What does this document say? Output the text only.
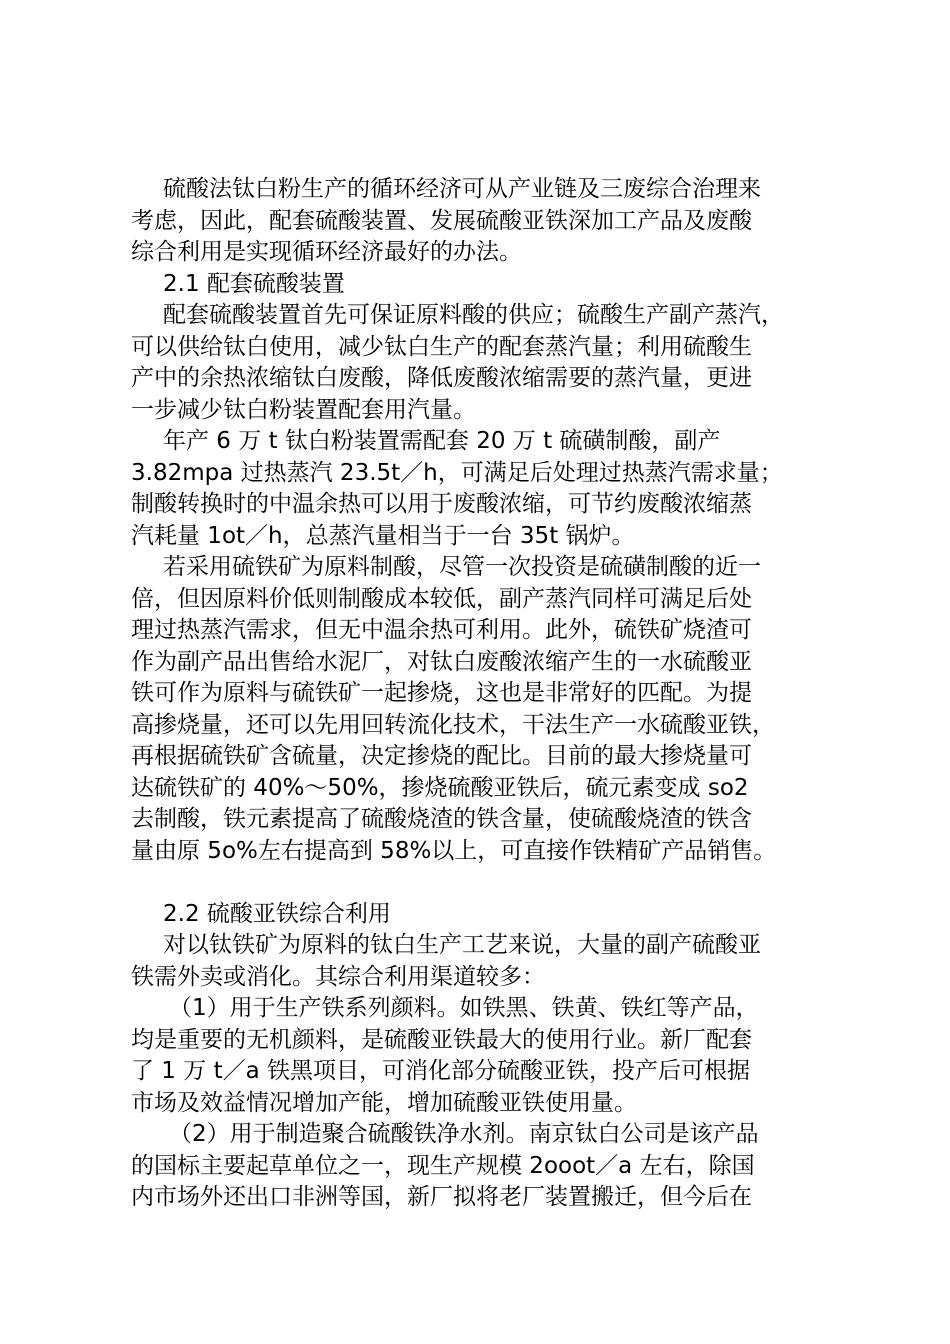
硫酸法钛白粉生产的循环经济可从产业链及三废综合治理来
考虑，因此，配套硫酸装置、发展硫酸亚铁深加工产品及废酸
综合利用是实现循环经济最好的办法。
2.1 配套硫酸装置
配套硫酸装置首先可保证原料酸的供应；硫酸生产副产蒸汽，
可以供给钛白使用，减少钛白生产的配套蒸汽量；利用硫酸生
产中的余热浓缩钛白废酸，降低废酸浓缩需要的蒸汽量，更进
一步减少钛白粉装置配套用汽量。
年产 6 万 t 钛白粉装置需配套 20 万 t 硫磺制酸，副产
3.82mpa 过热蒸汽 23.5t／h，可满足后处理过热蒸汽需求量；
制酸转换时的中温余热可以用于废酸浓缩，可节约废酸浓缩蒸
汽耗量 1ot／h，总蒸汽量相当于一台 35t 锅炉。
若采用硫铁矿为原料制酸，尽管一次投资是硫磺制酸的近一
倍，但因原料价低则制酸成本较低，副产蒸汽同样可满足后处
理过热蒸汽需求，但无中温余热可利用。此外，硫铁矿烧渣可
作为副产品出售给水泥厂，对钛白废酸浓缩产生的一水硫酸亚
铁可作为原料与硫铁矿一起掺烧，这也是非常好的匹配。为提
高掺烧量，还可以先用回转流化技术，干法生产一水硫酸亚铁，
再根据硫铁矿含硫量，决定掺烧的配比。目前的最大掺烧量可
达硫铁矿的 40%～50%，掺烧硫酸亚铁后，硫元素变成 so2
去制酸，铁元素提高了硫酸烧渣的铁含量，使硫酸烧渣的铁含
量由原 5o%左右提高到 58%以上，可直接作铁精矿产品销售。
2.2 硫酸亚铁综合利用
对以钛铁矿为原料的钛白生产工艺来说，大量的副产硫酸亚
铁需外卖或消化。其综合利用渠道较多：
（1）用于生产铁系列颜料。如铁黑、铁黄、铁红等产品，
均是重要的无机颜料，是硫酸亚铁最大的使用行业。新厂配套
了 1 万 t／a 铁黑项目，可消化部分硫酸亚铁，投产后可根据
市场及效益情况增加产能，增加硫酸亚铁使用量。
（2）用于制造聚合硫酸铁净水剂。南京钛白公司是该产品
的国标主要起草单位之一，现生产规模 2ooot／a 左右，除国
内市场外还出口非洲等国，新厂拟将老厂装置搬迁，但今后在
